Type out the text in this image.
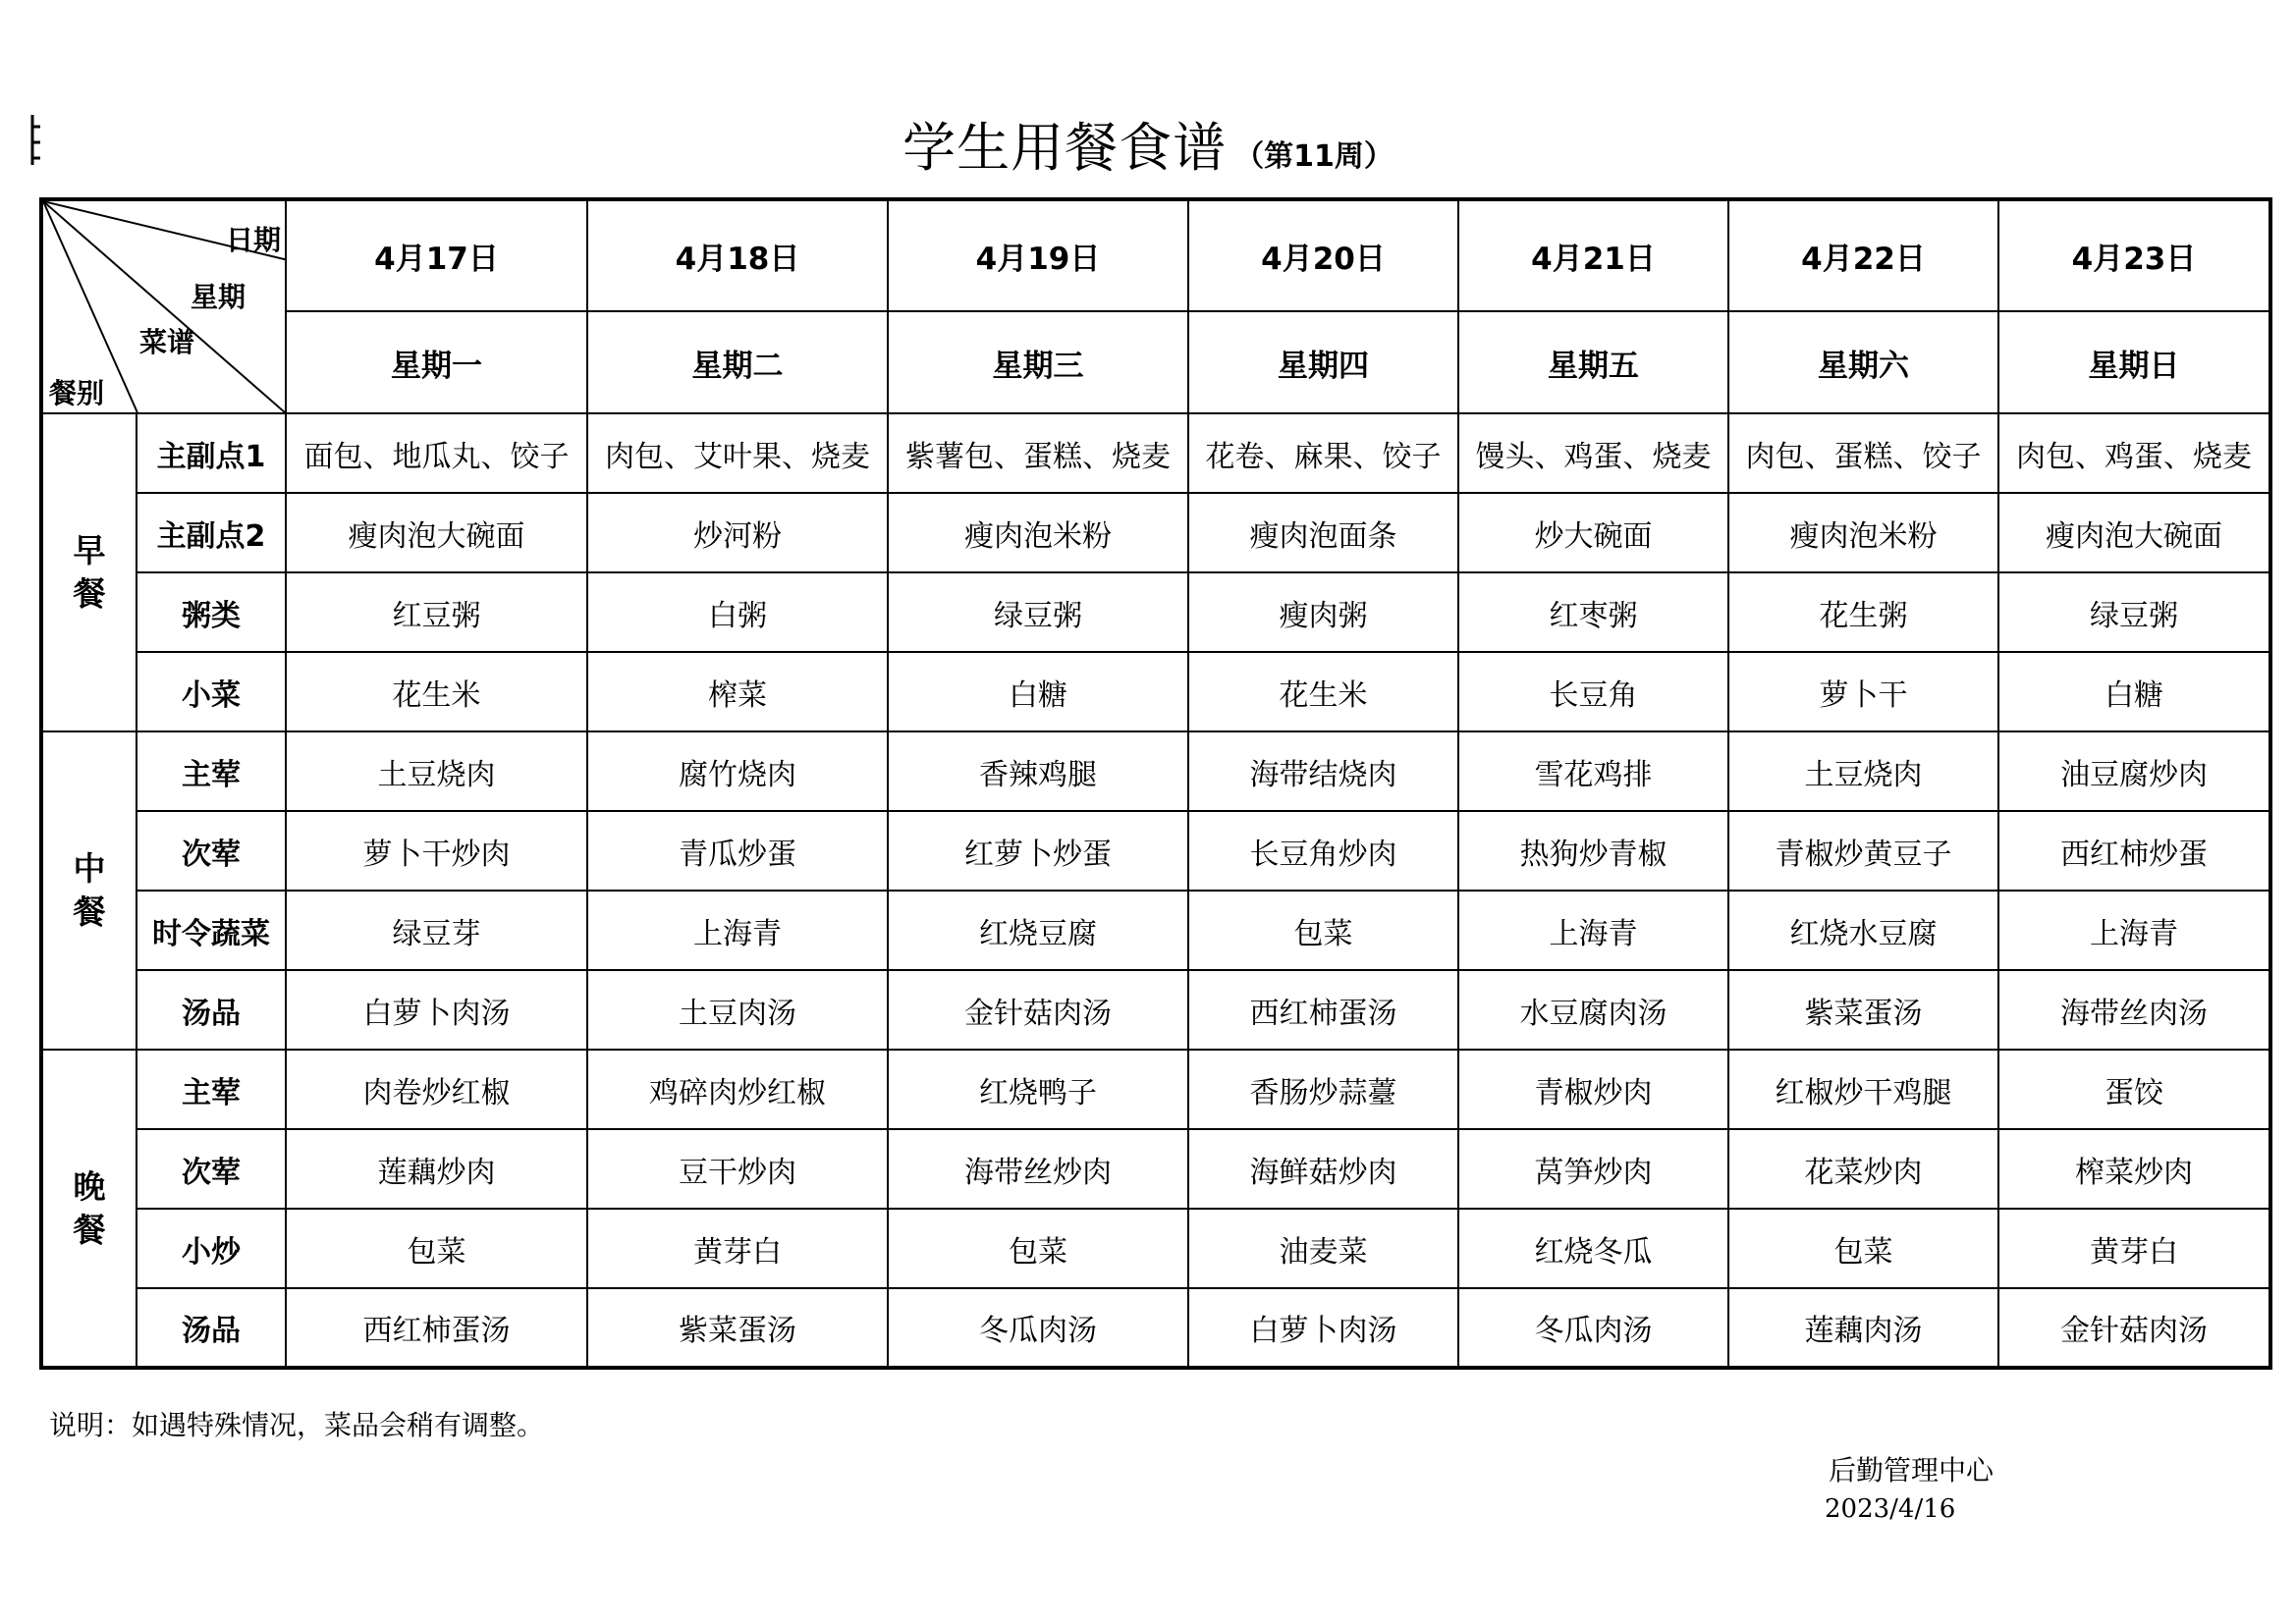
学生用餐食谱 （第11周）
日期
星期
菜谱
餐别		4月17日	4月18日	4月19日	4月20日	4月21日	4月22日	4月23日
		星期一	星期二	星期三	星期四	星期五	星期六	星期日

早
餐	主副点1	面包、地瓜丸、饺子	肉包、艾叶果、烧麦	紫薯包、蛋糕、烧麦	花卷、麻果、饺子	馒头、鸡蛋、烧麦	肉包、蛋糕、饺子	肉包、鸡蛋、烧麦
	主副点2	瘦肉泡大碗面	炒河粉	瘦肉泡米粉	瘦肉泡面条	炒大碗面	瘦肉泡米粉	瘦肉泡大碗面
	粥类	红豆粥	白粥	绿豆粥	瘦肉粥	红枣粥	花生粥	绿豆粥
	小菜	花生米	榨菜	白糖	花生米	长豆角	萝卜干	白糖

中
餐	主荤	土豆烧肉	腐竹烧肉	香辣鸡腿	海带结烧肉	雪花鸡排	土豆烧肉	油豆腐炒肉
	次荤	萝卜干炒肉	青瓜炒蛋	红萝卜炒蛋	长豆角炒肉	热狗炒青椒	青椒炒黄豆子	西红柿炒蛋
	时令蔬菜	绿豆芽	上海青	红烧豆腐	包菜	上海青	红烧水豆腐	上海青
	汤品	白萝卜肉汤	土豆肉汤	金针菇肉汤	西红柿蛋汤	水豆腐肉汤	紫菜蛋汤	海带丝肉汤

晚
餐	主荤	肉卷炒红椒	鸡碎肉炒红椒	红烧鸭子	香肠炒蒜薹	青椒炒肉	红椒炒干鸡腿	蛋饺
	次荤	莲藕炒肉	豆干炒肉	海带丝炒肉	海鲜菇炒肉	莴笋炒肉	花菜炒肉	榨菜炒肉
	小炒	包菜	黄芽白	包菜	油麦菜	红烧冬瓜	包菜	黄芽白
	汤品	西红柿蛋汤	紫菜蛋汤	冬瓜肉汤	白萝卜肉汤	冬瓜肉汤	莲藕肉汤	金针菇肉汤
说明：如遇特殊情况，菜品会稍有调整。
后勤管理中心
2023/4/16
